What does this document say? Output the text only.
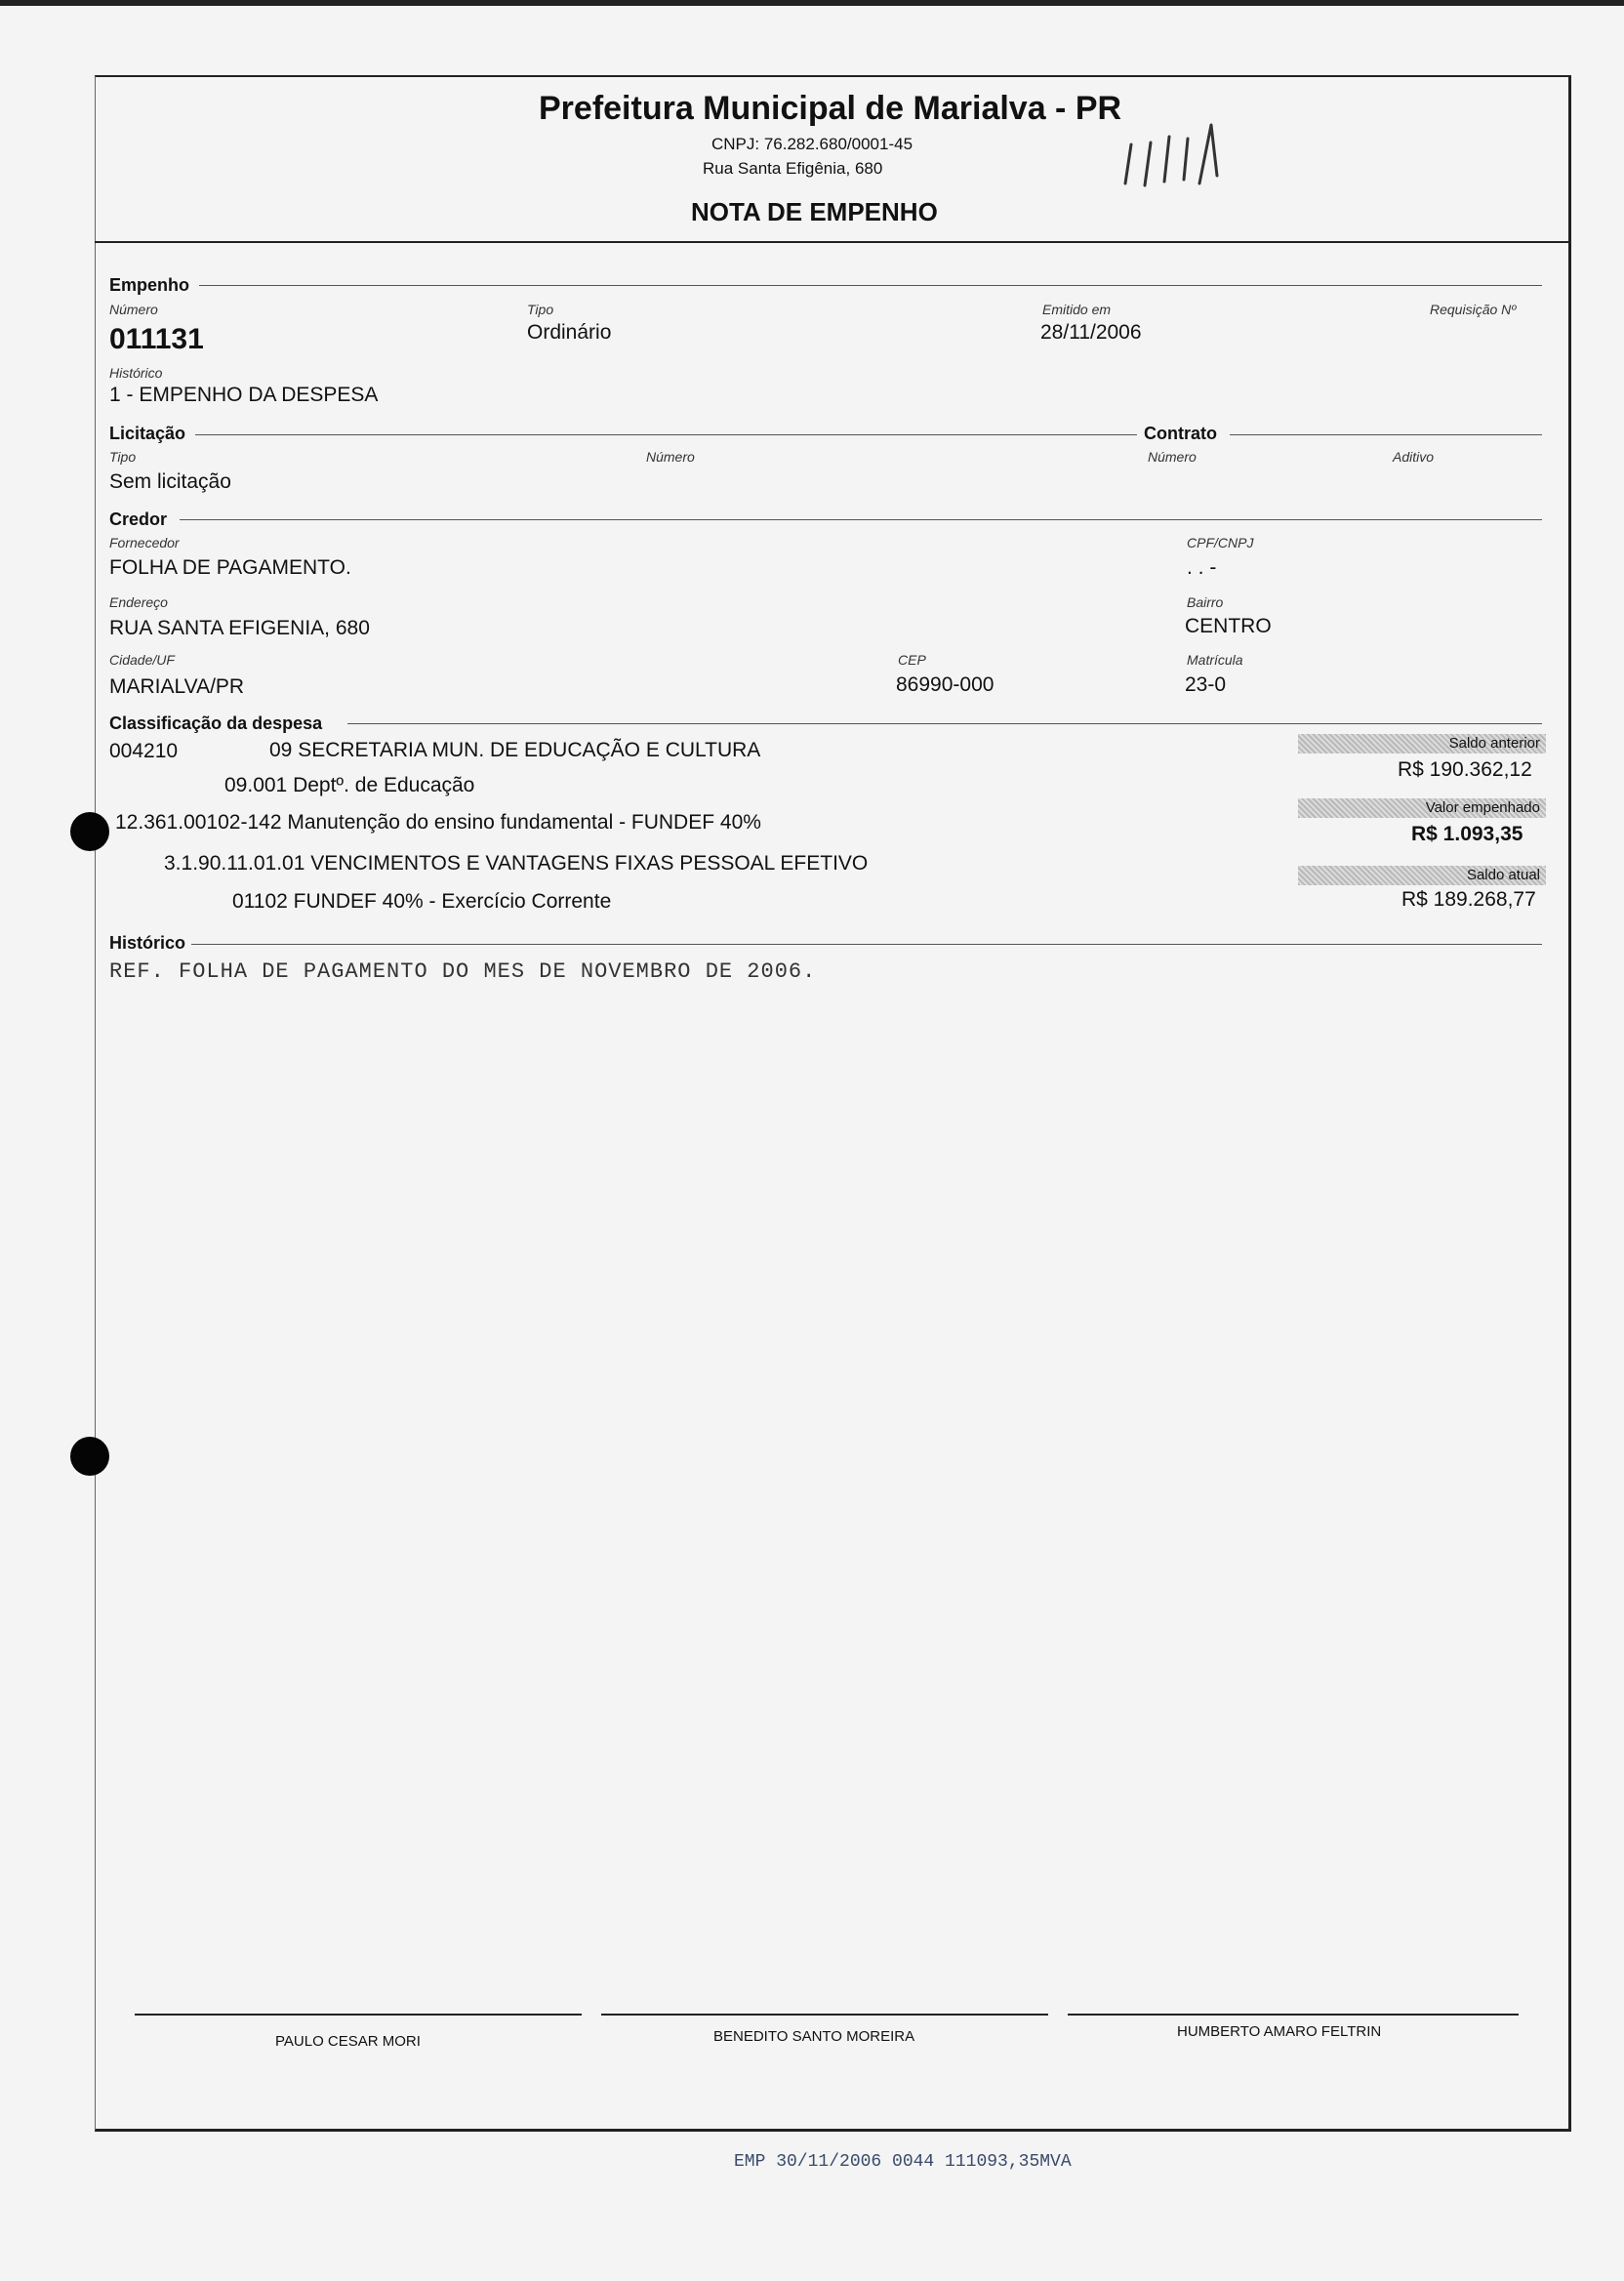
Prefeitura Municipal de Marialva - PR
CNPJ: 76.282.680/0001-45
Rua Santa Efigênia, 680
NOTA DE EMPENHO
Empenho
Número
011131
Tipo
Ordinário
Emitido em
28/11/2006
Requisição Nº
Histórico
1 - EMPENHO DA DESPESA
Licitação	Contrato
Tipo
Sem licitação
Número	Número	Aditivo
Credor
Fornecedor
FOLHA DE PAGAMENTO.
CPF/CNPJ
. . -
Endereço
RUA SANTA EFIGENIA, 680
Bairro
CENTRO
Cidade/UF
MARIALVA/PR
CEP
86990-000
Matrícula
23-0
Classificação da despesa
004210	09 SECRETARIA MUN. DE EDUCAÇÃO E CULTURA
09.001 Deptº. de Educação
12.361.00102-142 Manutenção do ensino fundamental - FUNDEF 40%
3.1.90.11.01.01 VENCIMENTOS E VANTAGENS FIXAS PESSOAL EFETIVO
01102 FUNDEF 40% - Exercício Corrente
Saldo anterior
R$ 190.362,12
Valor empenhado
R$ 1.093,35
Saldo atual
R$ 189.268,77
Histórico
REF. FOLHA DE PAGAMENTO DO MES DE NOVEMBRO DE 2006.
PAULO CESAR MORI	BENEDITO SANTO MOREIRA	HUMBERTO AMARO FELTRIN
EMP 30/11/2006 0044 111093,35MVA
